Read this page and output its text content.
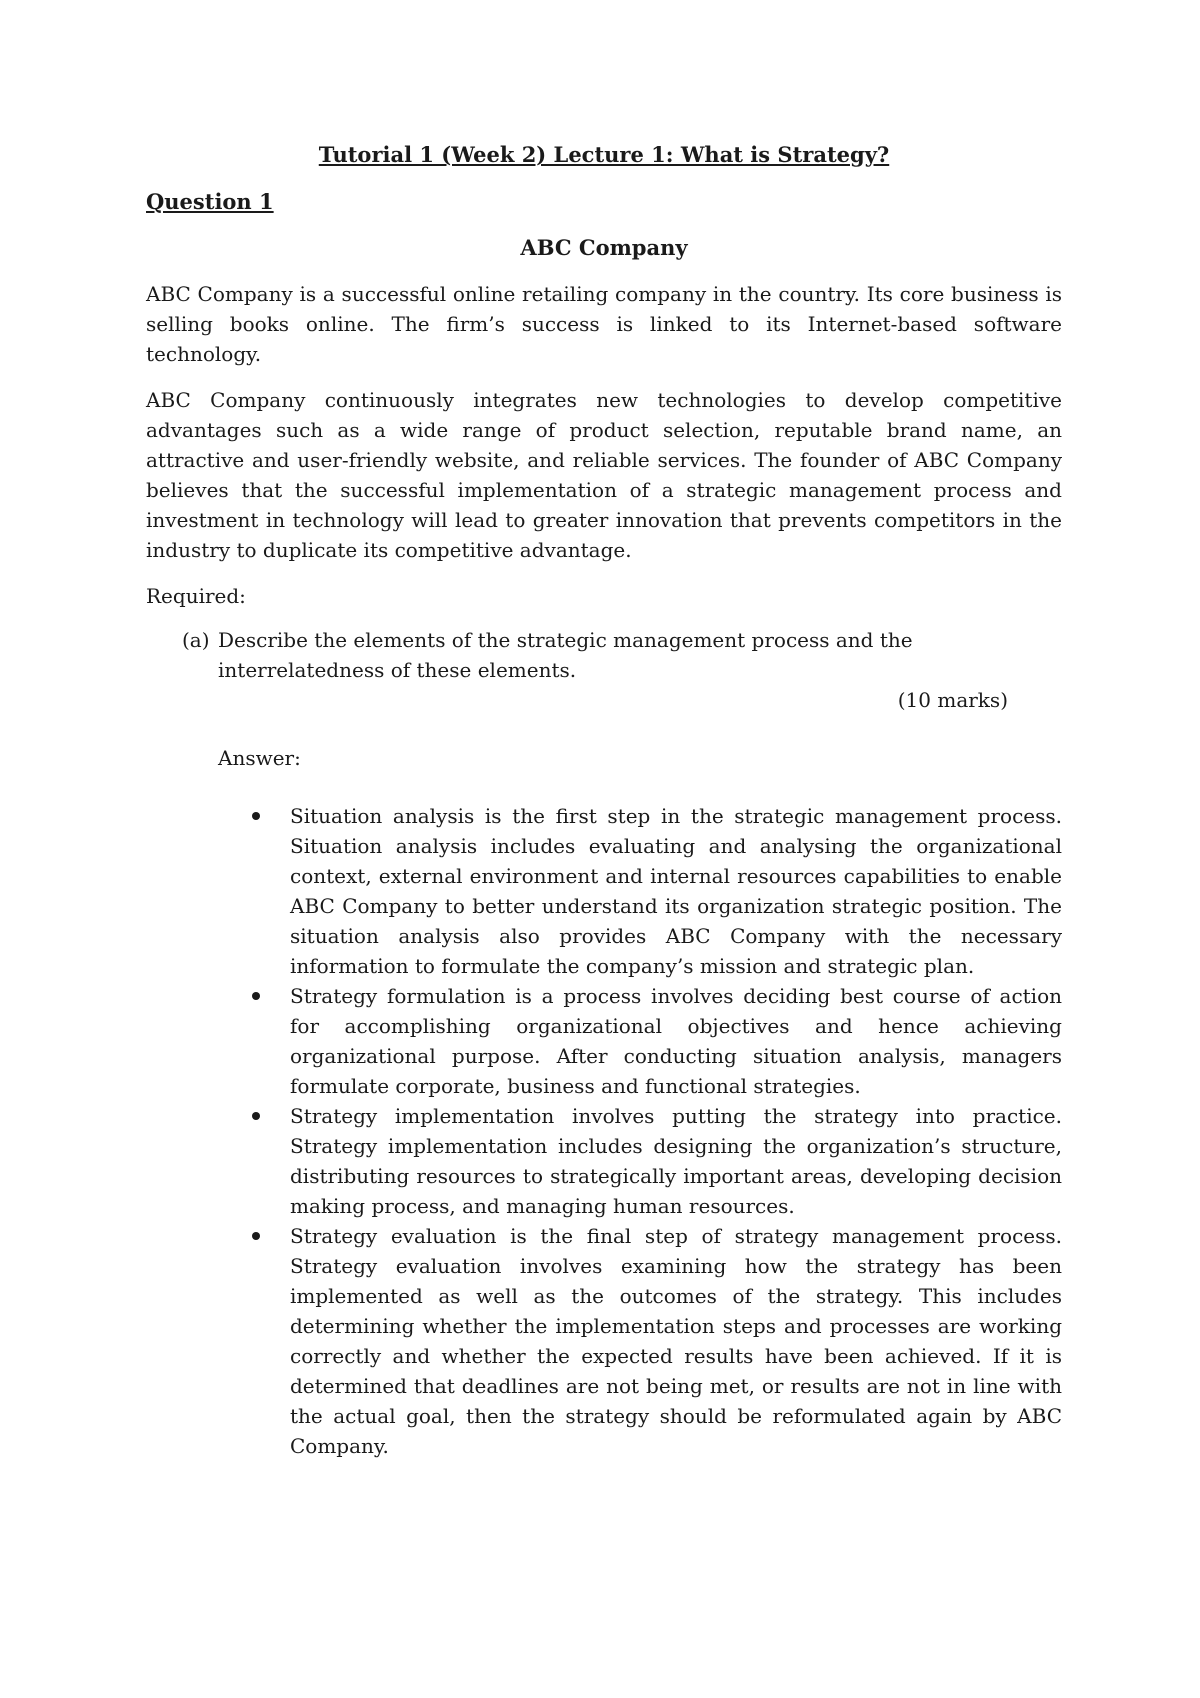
Tutorial 1 (Week 2) Lecture 1: What is Strategy?
Question 1
ABC Company

ABC Company is a successful online retailing company in the country. Its core business is selling books online. The firm’s success is linked to its Internet-based software technology.

ABC Company continuously integrates new technologies to develop competitive advantages such as a wide range of product selection, reputable brand name, an attractive and user-friendly website, and reliable services. The founder of ABC Company believes that the successful implementation of a strategic management process and investment in technology will lead to greater innovation that prevents competitors in the industry to duplicate its competitive advantage.

Required:
(a) Describe the elements of the strategic management process and the interrelatedness of these elements.
(10 marks)
Answer:
Situation analysis is the first step in the strategic management process. Situation analysis includes evaluating and analysing the organizational context, external environment and internal resources capabilities to enable ABC Company to better understand its organization strategic position. The situation analysis also provides ABC Company with the necessary information to formulate the company’s mission and strategic plan.
Strategy formulation is a process involves deciding best course of action for accomplishing organizational objectives and hence achieving organizational purpose. After conducting situation analysis, managers formulate corporate, business and functional strategies.
Strategy implementation involves putting the strategy into practice. Strategy implementation includes designing the organization’s structure, distributing resources to strategically important areas, developing decision making process, and managing human resources.
Strategy evaluation is the final step of strategy management process. Strategy evaluation involves examining how the strategy has been implemented as well as the outcomes of the strategy. This includes determining whether the implementation steps and processes are working correctly and whether the expected results have been achieved. If it is determined that deadlines are not being met, or results are not in line with the actual goal, then the strategy should be reformulated again by ABC Company.
